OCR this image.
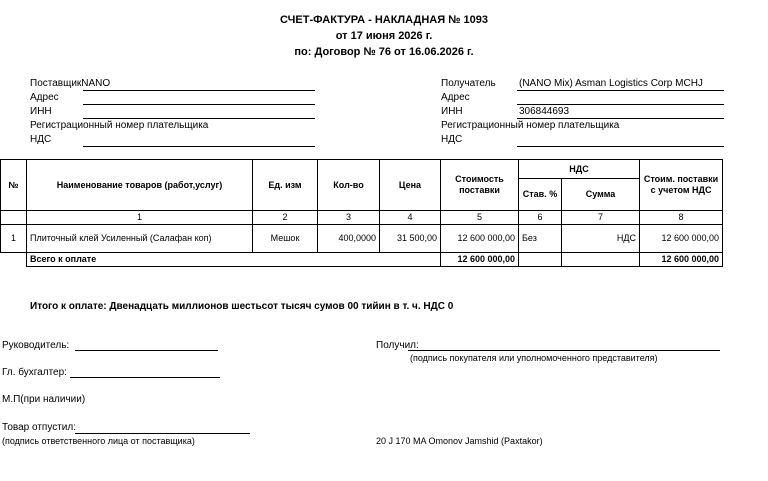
СЧЕТ-ФАКТУРА - НАКЛАДНАЯ № 1093
от 17 июня 2026 г.
по: Договор № 76 от 16.06.2026 г.
ПоставщикNANO
Адрес
ИНН
Регистрационный номер плательщика
НДС
Получатель (NANO Mix) Asman Logistics Corp MCHJ
Адрес
ИНН	306844693
Регистрационный номер плательщика
НДС
№	Наименование товаров (работ,услуг)	Ед. изм	Кол-во	Цена	Стоимость поставки	НДС		Стоим. поставки с учетом НДС
						Став. %	Сумма	
	1	2	3	4	5	6	7	8
1	Плиточный клей Усиленный (Салафан коп)	Мешок	400,0000	31 500,00	12 600 000,00	Без	НДС	12 600 000,00
	Всего к оплате				12 600 000,00			12 600 000,00
Итого к оплате: Двенадцать миллионов шестьсот тысяч сумов 00 тийин в т. ч. НДС 0
Руководитель:
Гл. бухгалтер:
М.П(при наличии)
Товар отпустил:
(подпись ответственного лица от поставщика)
Получил:
(подпись покупателя или уполномоченного представителя)
20 J 170 MA Omonov Jamshid (Paxtakor)
